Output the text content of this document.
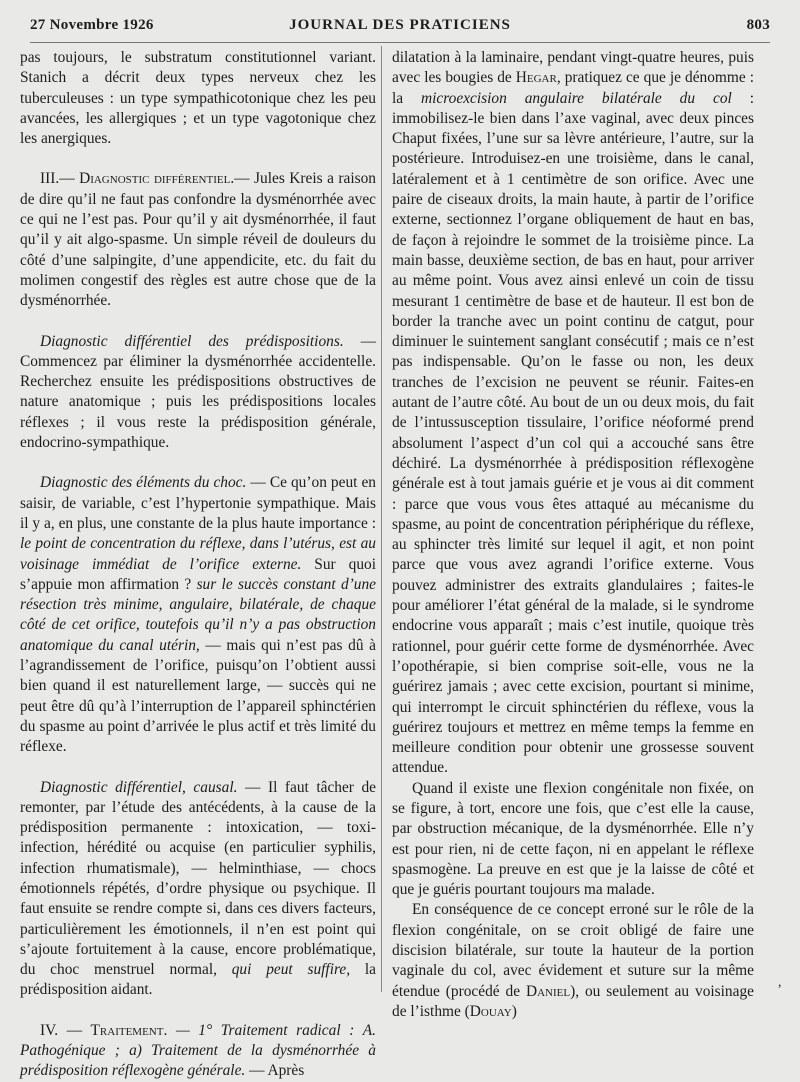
27 Novembre 1926	JOURNAL DES PRATICIENS	803

pas toujours, le substratum constitutionnel variant. Stanich a décrit deux types nerveux chez les tuberculeuses : un type sympathicotonique chez les peu avancées, les allergiques ; et un type vagotonique chez les anergiques.

III.— Diagnostic différentiel.— Jules Kreis a raison de dire qu’il ne faut pas confondre la dysménorrhée avec ce qui ne l’est pas. Pour qu’il y ait dysménorrhée, il faut qu’il y ait algo-spasme. Un simple réveil de douleurs du côté d’une salpingite, d’une appendicite, etc. du fait du molimen congestif des règles est autre chose que de la dysménorrhée.

Diagnostic différentiel des prédispositions. — Commencez par éliminer la dysménorrhée accidentelle. Recherchez ensuite les prédispositions obstructives de nature anatomique ; puis les prédispositions locales réflexes ; il vous reste la prédisposition générale, endocrino-sympathique.

Diagnostic des éléments du choc. — Ce qu’on peut en saisir, de variable, c’est l’hypertonie sympathique. Mais il y a, en plus, une constante de la plus haute importance : le point de concentration du réflexe, dans l’utérus, est au voisinage immédiat de l’orifice externe. Sur quoi s’appuie mon affirmation ? sur le succès constant d’une résection très minime, angulaire, bilatérale, de chaque côté de cet orifice, toutefois qu’il n’y a pas obstruction anatomique du canal utérin, — mais qui n’est pas dû à l’agrandissement de l’orifice, puisqu’on l’obtient aussi bien quand il est naturellement large, — succès qui ne peut être dû qu’à l’interruption de l’appareil sphinctérien du spasme au point d’arrivée le plus actif et très limité du réflexe.

Diagnostic différentiel, causal. — Il faut tâcher de remonter, par l’étude des antécédents, à la cause de la prédisposition permanente : intoxication, — toxi-infection, hérédité ou acquise (en particulier syphilis, infection rhumatismale), — helminthiase, — chocs émotionnels répétés, d’ordre physique ou psychique. Il faut ensuite se rendre compte si, dans ces divers facteurs, particulièrement les émotionnels, il n’en est point qui s’ajoute fortuitement à la cause, encore problématique, du choc menstruel normal, qui peut suffire, la prédisposition aidant.

IV. — Traitement. — 1° Traitement radical : A. Pathogénique ; a) Traitement de la dysménorrhée à prédisposition réflexogène générale. — Après

dilatation à la laminaire, pendant vingt-quatre heures, puis avec les bougies de Hegar, pratiquez ce que je dénomme : la microexcision angulaire bilatérale du col : immobilisez-le bien dans l’axe vaginal, avec deux pinces Chaput fixées, l’une sur sa lèvre antérieure, l’autre, sur la postérieure. Introduisez-en une troisième, dans le canal, latéralement et à 1 centimètre de son orifice. Avec une paire de ciseaux droits, la main haute, à partir de l’orifice externe, sectionnez l’organe obliquement de haut en bas, de façon à rejoindre le sommet de la troisième pince. La main basse, deuxième section, de bas en haut, pour arriver au même point. Vous avez ainsi enlevé un coin de tissu mesurant 1 centimètre de base et de hauteur. Il est bon de border la tranche avec un point continu de catgut, pour diminuer le suintement sanglant consécutif ; mais ce n’est pas indispensable. Qu’on le fasse ou non, les deux tranches de l’excision ne peuvent se réunir. Faites-en autant de l’autre côté. Au bout de un ou deux mois, du fait de l’intussusception tissulaire, l’orifice néoformé prend absolument l’aspect d’un col qui a accouché sans être déchiré. La dysménorrhée à prédisposition réflexogène générale est à tout jamais guérie et je vous ai dit comment : parce que vous vous êtes attaqué au mécanisme du spasme, au point de concentration périphérique du réflexe, au sphincter très limité sur lequel il agit, et non point parce que vous avez agrandi l’orifice externe. Vous pouvez administrer des extraits glandulaires ; faites-le pour améliorer l’état général de la malade, si le syndrome endocrine vous apparaît ; mais c’est inutile, quoique très rationnel, pour guérir cette forme de dysménorrhée. Avec l’opothérapie, si bien comprise soit-elle, vous ne la guérirez jamais ; avec cette excision, pourtant si minime, qui interrompt le circuit sphinctérien du réflexe, vous la guérirez toujours et mettrez en même temps la femme en meilleure condition pour obtenir une grossesse souvent attendue.

Quand il existe une flexion congénitale non fixée, on se figure, à tort, encore une fois, que c’est elle la cause, par obstruction mécanique, de la dysménorrhée. Elle n’y est pour rien, ni de cette façon, ni en appelant le réflexe spasmogène. La preuve en est que je la laisse de côté et que je guéris pourtant toujours ma malade.

En conséquence de ce concept erroné sur le rôle de la flexion congénitale, on se croit obligé de faire une discision bilatérale, sur toute la hauteur de la portion vaginale du col, avec évidement et suture sur la même étendue (procédé de Daniel), ou seulement au voisinage de l’isthme (Douay)

,
